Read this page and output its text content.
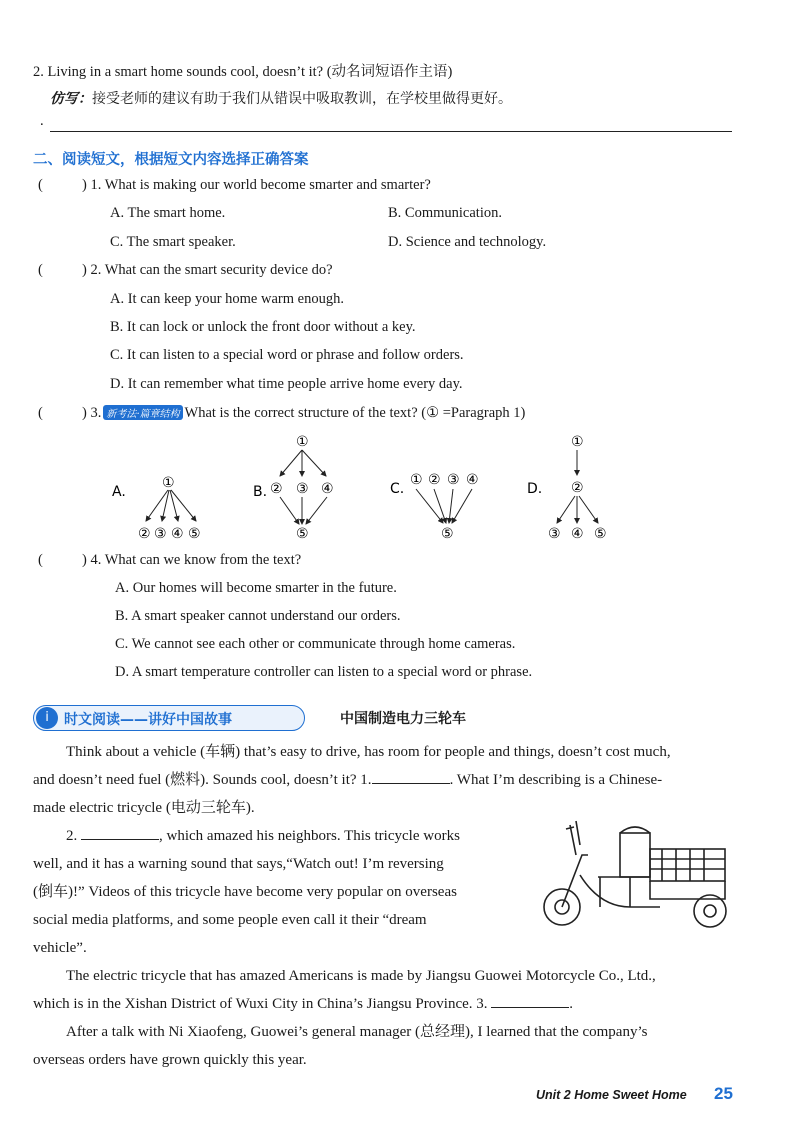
2. Living in a smart home sounds cool, doesn’t it? (动名词短语作主语)
仿写：接受老师的建议有助于我们从错误中吸取教训，在学校里做得更好。
.
二、阅读短文，根据短文内容选择正确答案
(	) 1. What is making our world become smarter and smarter?
A. The smart home.	B. Communication.
C. The smart speaker.	D. Science and technology.
(	) 2. What can the smart security device do?
A. It can keep your home warm enough.
B. It can lock or unlock the front door without a key.
C. It can listen to a special word or phrase and follow orders.
D. It can remember what time people arrive home every day.
(	) 3. 新考法·篇章结构 What is the correct structure of the text? (① =Paragraph 1)
A.
①
② ③ ④ ⑤
B.
①
② ③ ④
⑤
C.
① ② ③ ④
⑤
D.
①
②
③ ④ ⑤
(	) 4. What can we know from the text?
A. Our homes will become smarter in the future.
B. A smart speaker cannot understand our orders.
C. We cannot see each other or communicate through home cameras.
D. A smart temperature controller can listen to a special word or phrase.
i	时文阅读——讲好中国故事	中国制造电力三轮车
Think about a vehicle (车辆) that’s easy to drive, has room for people and things, doesn’t cost much,
and doesn’t need fuel (燃料). Sounds cool, doesn’t it? 1.	. What I’m describing is a Chinese-
made electric tricycle (电动三轮车).
2.	, which amazed his neighbors. This tricycle works
well, and it has a warning sound that says,“Watch out! I’m reversing
(倒车)!” Videos of this tricycle have become very popular on overseas
social media platforms, and some people even call it their “dream
vehicle”.
The electric tricycle that has amazed Americans is made by Jiangsu Guowei Motorcycle Co., Ltd.,
which is in the Xishan District of Wuxi City in China’s Jiangsu Province. 3.	.
After a talk with Ni Xiaofeng, Guowei’s general manager (总经理), I learned that the company’s
overseas orders have grown quickly this year.
Unit 2 Home Sweet Home 25
